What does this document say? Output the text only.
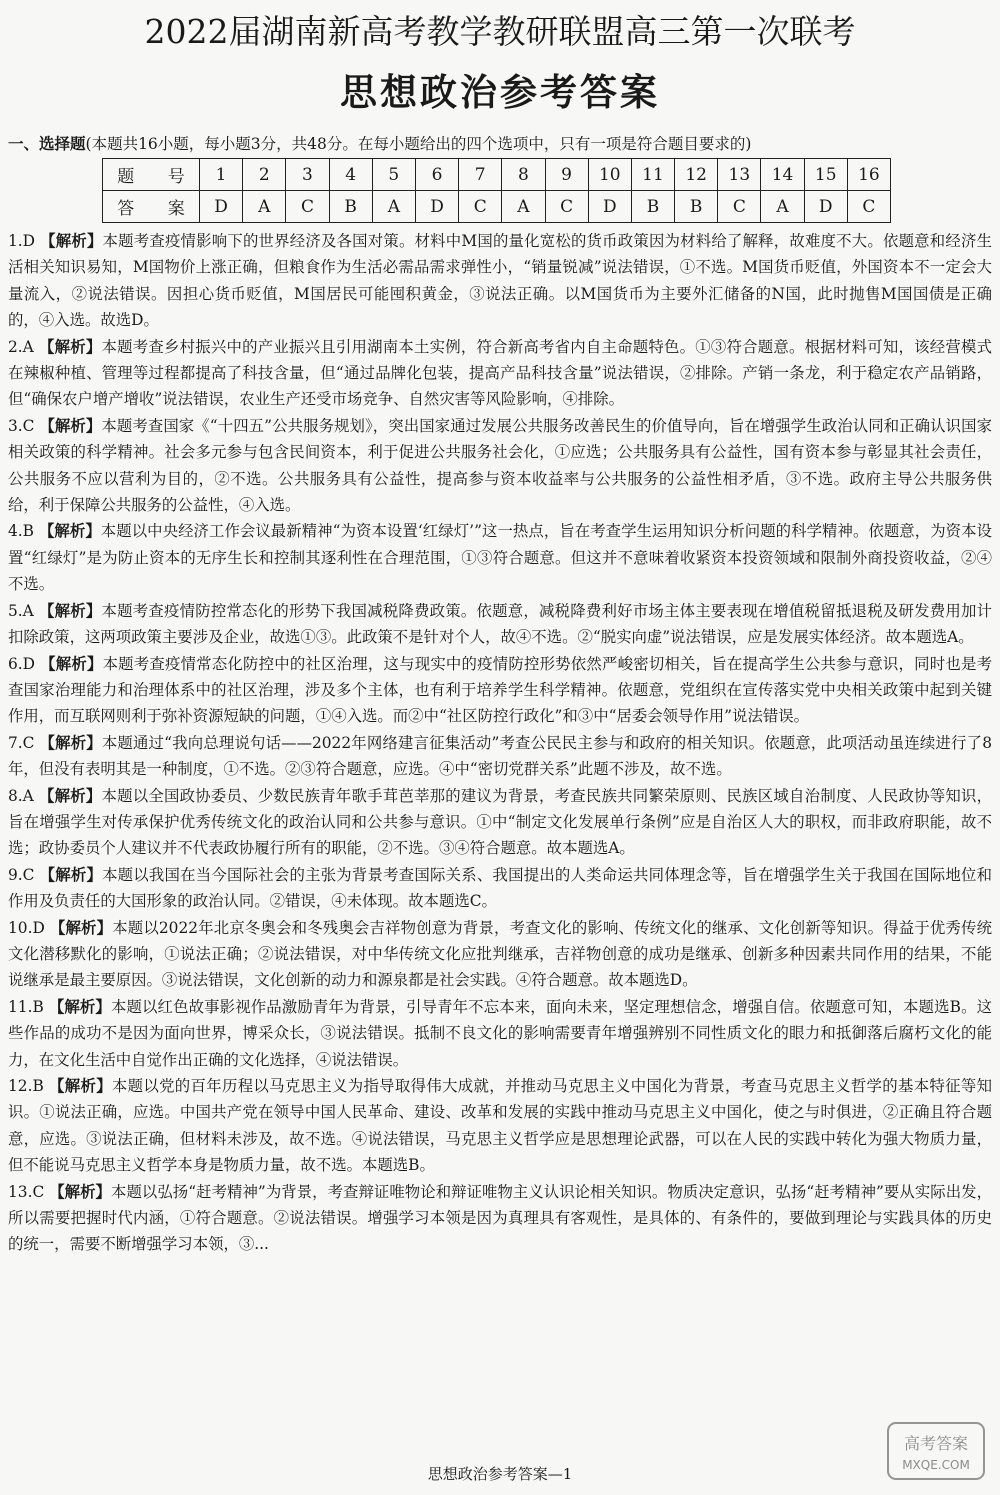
2022届湖南新高考教学教研联盟高三第一次联考
思想政治参考答案
一、选择题(本题共16小题，每小题3分，共48分。在每小题给出的四个选项中，只有一项是符合题目要求的)
题 号	1	2	3	4	5	6	7	8	9	10	11	12	13	14	15	16
答 案	D	A	C	B	A	D	C	A	C	D	B	B	C	A	D	C

1.D 【解析】本题考查疫情影响下的世界经济及各国对策。材料中M国的量化宽松的货币政策因为材料给了解释，故难度不大。依题意和经济生活相关知识易知，M国物价上涨正确，但粮食作为生活必需品需求弹性小，“销量锐减”说法错误，①不选。M国货币贬值，外国资本不一定会大量流入，②说法错误。因担心货币贬值，M国居民可能囤积黄金，③说法正确。以M国货币为主要外汇储备的N国，此时抛售M国国债是正确的，④入选。故选D。

2.A 【解析】本题考查乡村振兴中的产业振兴且引用湖南本土实例，符合新高考省内自主命题特色。①③符合题意。根据材料可知，该经营模式在辣椒种植、管理等过程都提高了科技含量，但“通过品牌化包装，提高产品科技含量”说法错误，②排除。产销一条龙，利于稳定农产品销路，但“确保农户增产增收”说法错误，农业生产还受市场竞争、自然灾害等风险影响，④排除。

3.C 【解析】本题考查国家《“十四五”公共服务规划》，突出国家通过发展公共服务改善民生的价值导向，旨在增强学生政治认同和正确认识国家相关政策的科学精神。社会多元参与包含民间资本，利于促进公共服务社会化，①应选；公共服务具有公益性，国有资本参与彰显其社会责任，公共服务不应以营利为目的，②不选。公共服务具有公益性，提高参与资本收益率与公共服务的公益性相矛盾，③不选。政府主导公共服务供给，利于保障公共服务的公益性，④入选。

4.B 【解析】本题以中央经济工作会议最新精神“为资本设置‘红绿灯’”这一热点，旨在考查学生运用知识分析问题的科学精神。依题意，为资本设置“红绿灯”是为防止资本的无序生长和控制其逐利性在合理范围，①③符合题意。但这并不意味着收紧资本投资领域和限制外商投资收益，②④不选。

5.A 【解析】本题考查疫情防控常态化的形势下我国减税降费政策。依题意，减税降费利好市场主体主要表现在增值税留抵退税及研发费用加计扣除政策，这两项政策主要涉及企业，故选①③。此政策不是针对个人，故④不选。②“脱实向虚”说法错误，应是发展实体经济。故本题选A。

6.D 【解析】本题考查疫情常态化防控中的社区治理，这与现实中的疫情防控形势依然严峻密切相关，旨在提高学生公共参与意识，同时也是考查国家治理能力和治理体系中的社区治理，涉及多个主体，也有利于培养学生科学精神。依题意，党组织在宣传落实党中央相关政策中起到关键作用，而互联网则利于弥补资源短缺的问题，①④入选。而②中“社区防控行政化”和③中“居委会领导作用”说法错误。

7.C 【解析】本题通过“我向总理说句话——2022年网络建言征集活动”考查公民民主参与和政府的相关知识。依题意，此项活动虽连续进行了8年，但没有表明其是一种制度，①不选。②③符合题意，应选。④中“密切党群关系”此题不涉及，故不选。

8.A 【解析】本题以全国政协委员、少数民族青年歌手茸芭莘那的建议为背景，考查民族共同繁荣原则、民族区域自治制度、人民政协等知识，旨在增强学生对传承保护优秀传统文化的政治认同和公共参与意识。①中“制定文化发展单行条例”应是自治区人大的职权，而非政府职能，故不选；政协委员个人建议并不代表政协履行所有的职能，②不选。③④符合题意。故本题选A。

9.C 【解析】本题以我国在当今国际社会的主张为背景考查国际关系、我国提出的人类命运共同体理念等，旨在增强学生关于我国在国际地位和作用及负责任的大国形象的政治认同。②错误，④未体现。故本题选C。

10.D 【解析】本题以2022年北京冬奥会和冬残奥会吉祥物创意为背景，考查文化的影响、传统文化的继承、文化创新等知识。得益于优秀传统文化潜移默化的影响，①说法正确；②说法错误，对中华传统文化应批判继承，吉祥物创意的成功是继承、创新多种因素共同作用的结果，不能说继承是最主要原因。③说法错误，文化创新的动力和源泉都是社会实践。④符合题意。故本题选D。

11.B 【解析】本题以红色故事影视作品激励青年为背景，引导青年不忘本来，面向未来，坚定理想信念，增强自信。依题意可知，本题选B。这些作品的成功不是因为面向世界，博采众长，③说法错误。抵制不良文化的影响需要青年增强辨别不同性质文化的眼力和抵御落后腐朽文化的能力，在文化生活中自觉作出正确的文化选择，④说法错误。

12.B 【解析】本题以党的百年历程以马克思主义为指导取得伟大成就，并推动马克思主义中国化为背景，考查马克思主义哲学的基本特征等知识。①说法正确，应选。中国共产党在领导中国人民革命、建设、改革和发展的实践中推动马克思主义中国化，使之与时俱进，②正确且符合题意，应选。③说法正确，但材料未涉及，故不选。④说法错误，马克思主义哲学应是思想理论武器，可以在人民的实践中转化为强大物质力量，但不能说马克思主义哲学本身是物质力量，故不选。本题选B。

13.C 【解析】本题以弘扬“赶考精神”为背景，考查辩证唯物论和辩证唯物主义认识论相关知识。物质决定意识，弘扬“赶考精神”要从实际出发，所以需要把握时代内涵，①符合题意。②说法错误。增强学习本领是因为真理具有客观性，是具体的、有条件的，要做到理论与实践具体的历史的统一，需要不断增强学习本领，③...

思想政治参考答案—1
高考答案
MXQE.COM
